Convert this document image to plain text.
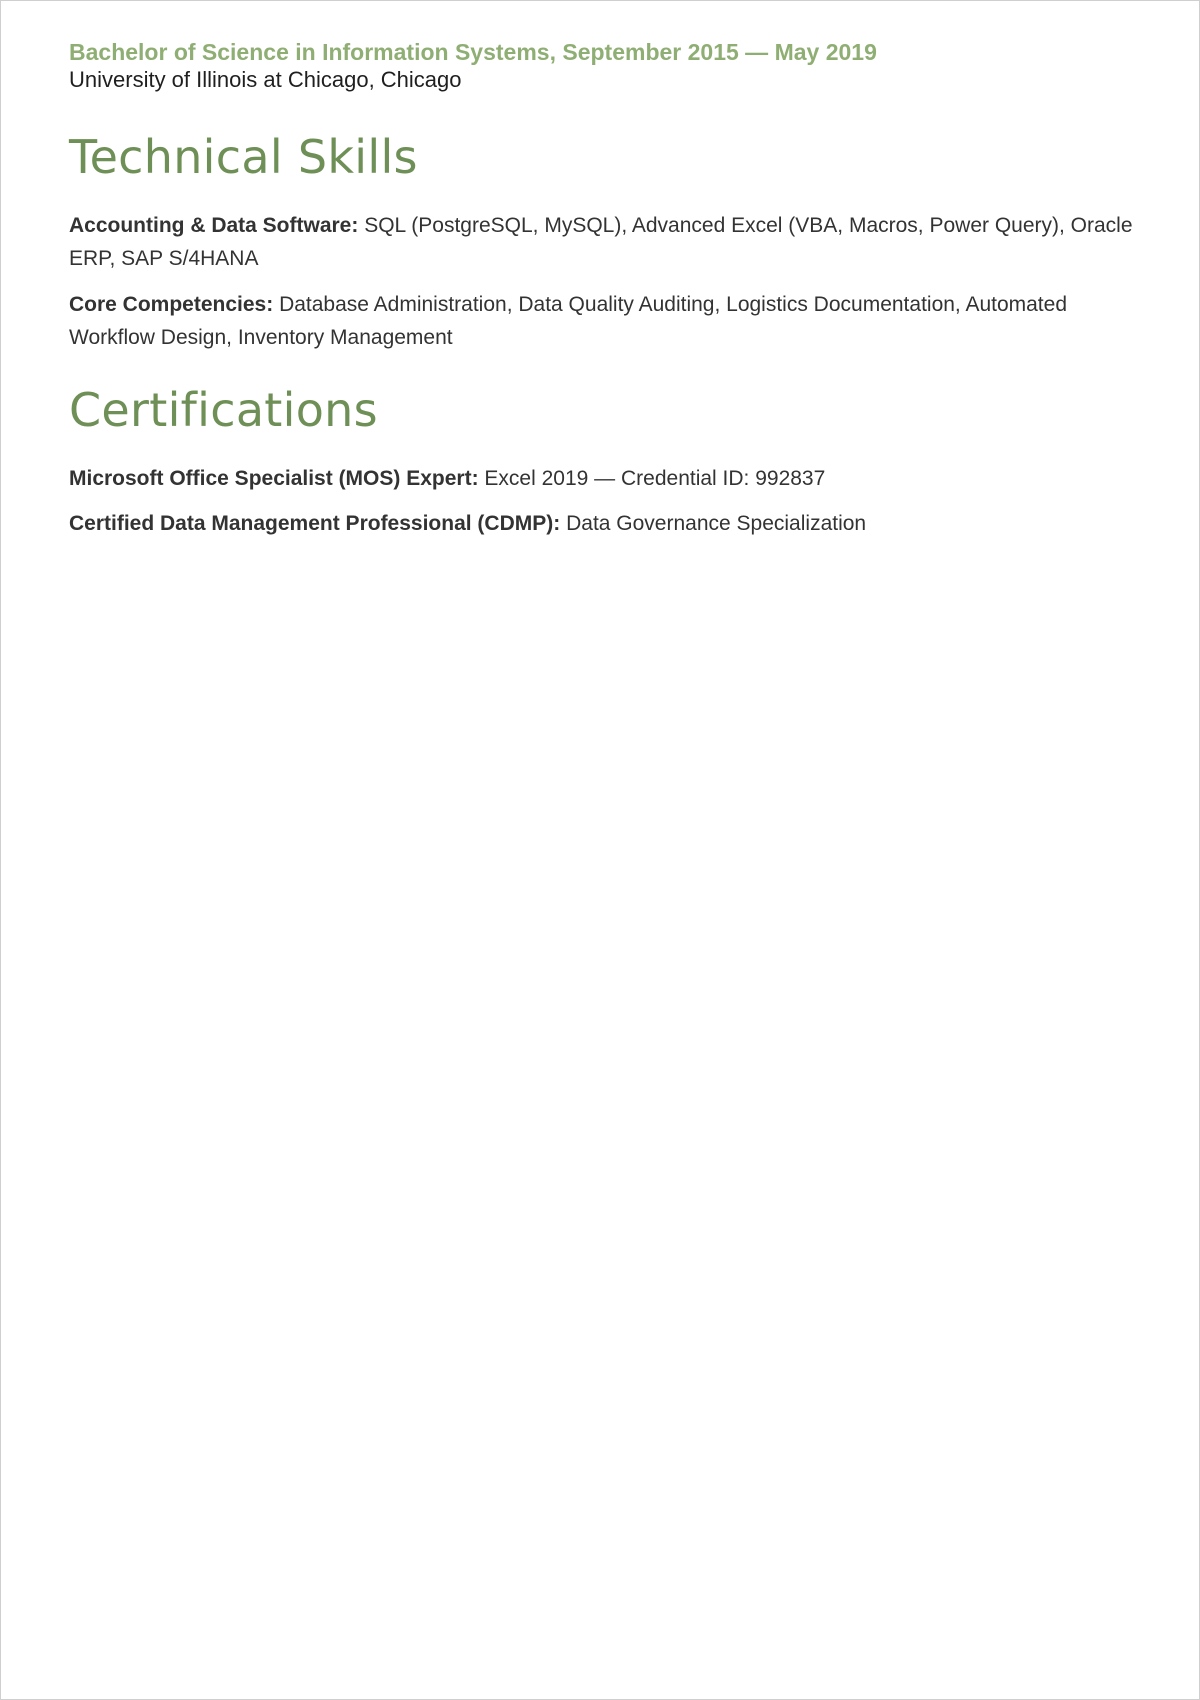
Bachelor of Science in Information Systems, September 2015 — May 2019

University of Illinois at Chicago, Chicago

Technical Skills

Accounting & Data Software: SQL (PostgreSQL, MySQL), Advanced Excel (VBA, Macros, Power Query), Oracle ERP, SAP S/4HANA

Core Competencies: Database Administration, Data Quality Auditing, Logistics Documentation, Automated Workflow Design, Inventory Management

Certifications

Microsoft Office Specialist (MOS) Expert: Excel 2019 — Credential ID: 992837

Certified Data Management Professional (CDMP): Data Governance Specialization
